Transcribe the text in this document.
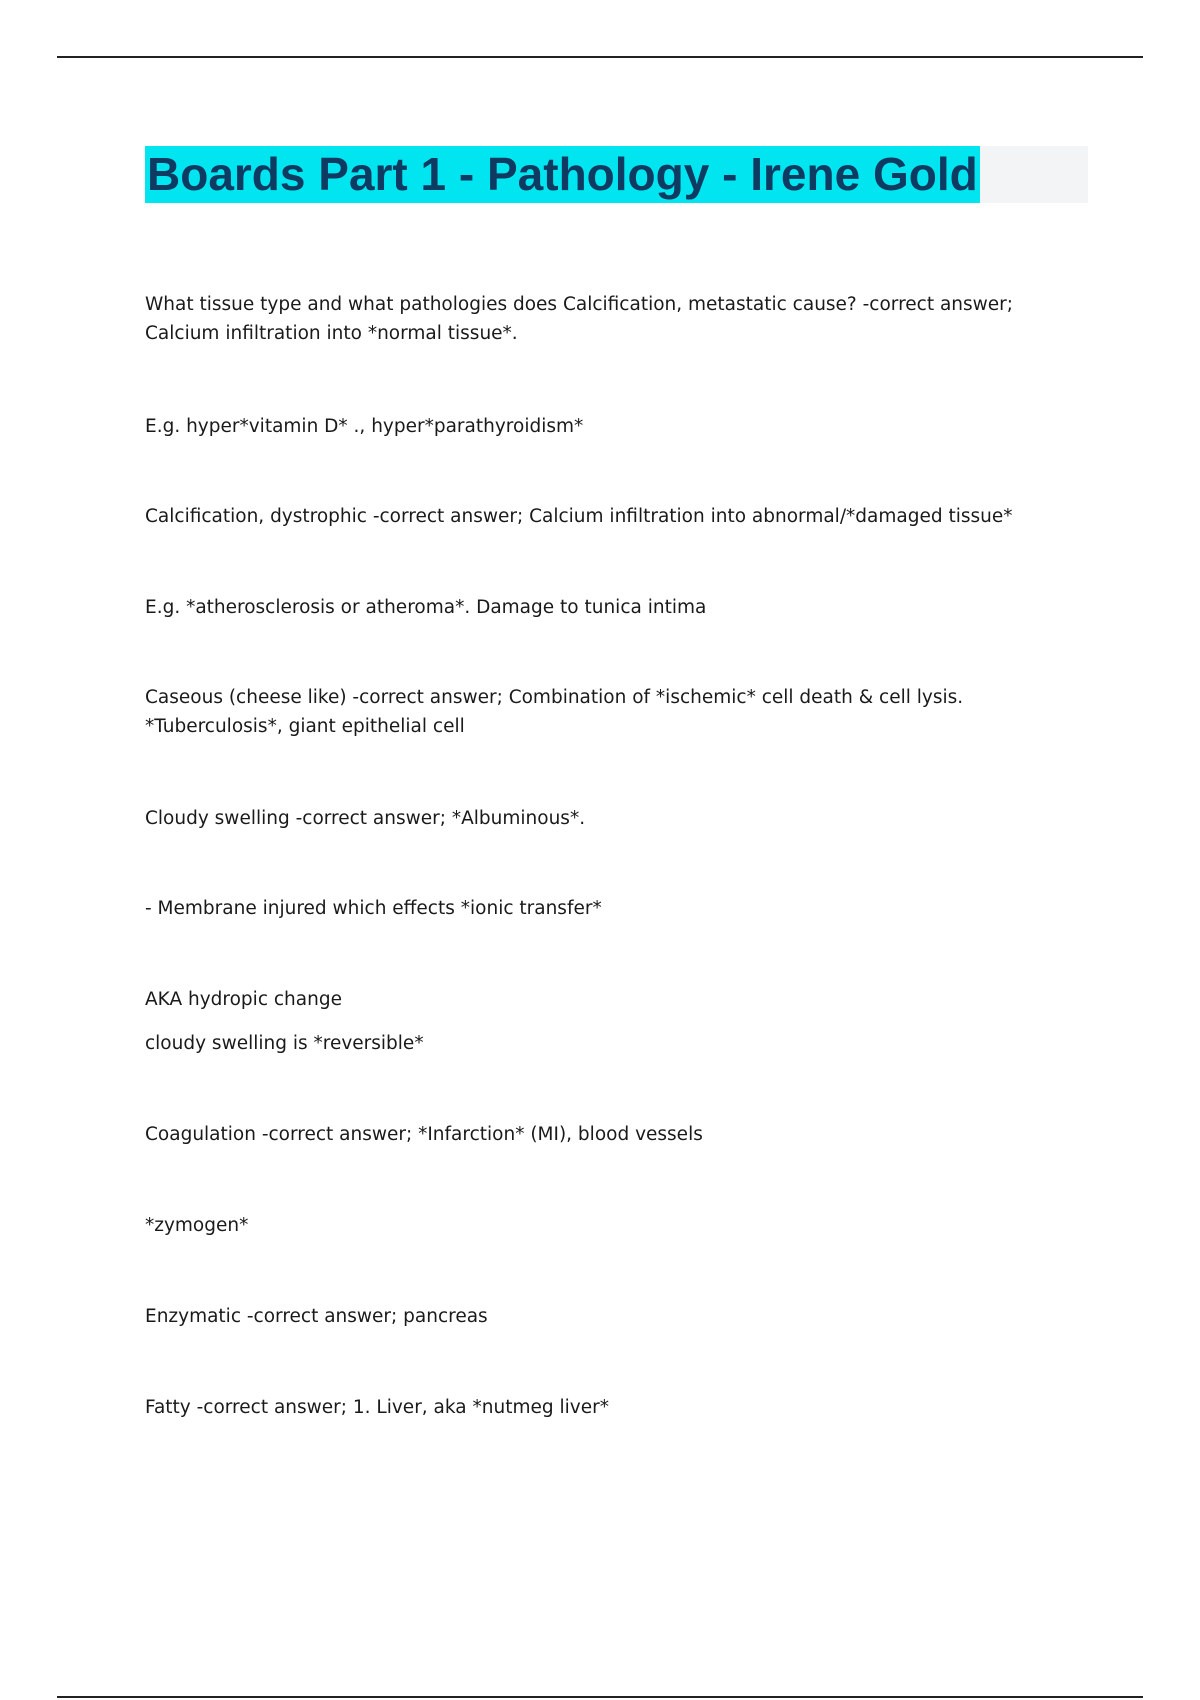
Boards Part 1 - Pathology - Irene Gold

What tissue type and what pathologies does Calcification, metastatic cause? -correct answer; Calcium infiltration into *normal tissue*.

E.g. hyper*vitamin D* ., hyper*parathyroidism*

Calcification, dystrophic -correct answer; Calcium infiltration into abnormal/*damaged tissue*

E.g. *atherosclerosis or atheroma*. Damage to tunica intima

Caseous (cheese like) -correct answer; Combination of *ischemic* cell death & cell lysis. *Tuberculosis*, giant epithelial cell

Cloudy swelling -correct answer; *Albuminous*.

- Membrane injured which effects *ionic transfer*

AKA hydropic change

cloudy swelling is *reversible*

Coagulation -correct answer; *Infarction* (MI), blood vessels

*zymogen*

Enzymatic -correct answer; pancreas

Fatty -correct answer; 1. Liver, aka *nutmeg liver*
